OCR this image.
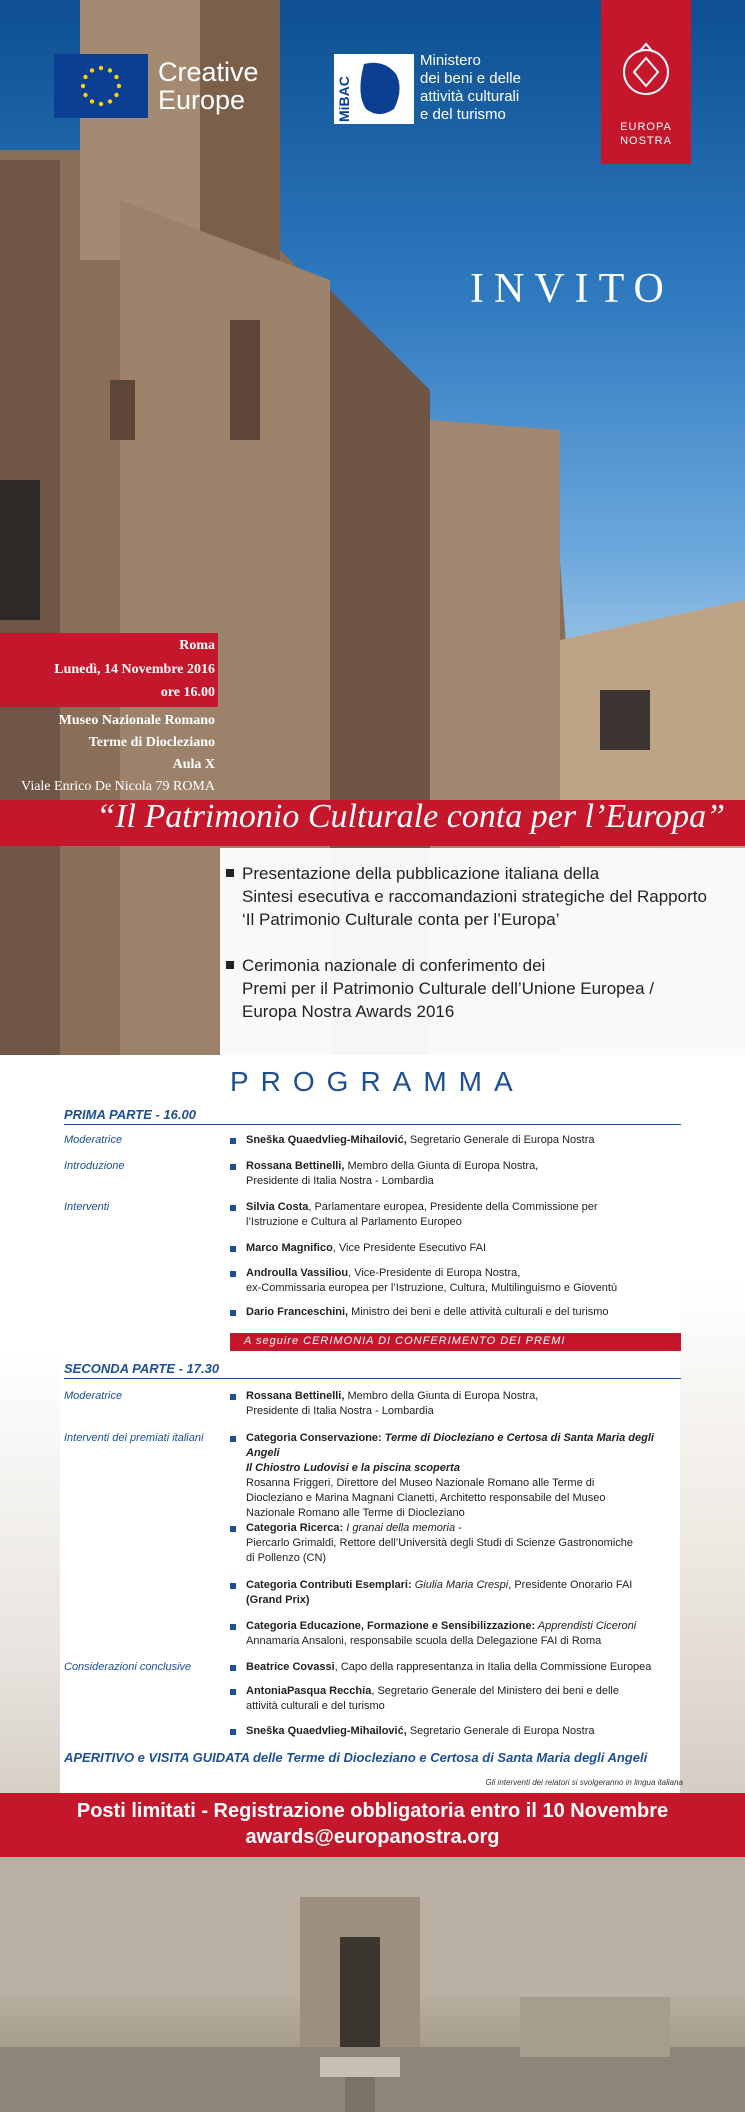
Creative
Europe	MiBAC
Ministero
dei beni e delle
attività culturali
e del turismo
EUROPA
NOSTRA
INVITO
Roma
Lunedì, 14 Novembre 2016
ore 16.00
Museo Nazionale Romano
Terme di Diocleziano
Aula X
Viale Enrico De Nicola 79 ROMA
“Il Patrimonio Culturale conta per l’Europa”
Presentazione della pubblicazione italiana della
Sintesi esecutiva e raccomandazioni strategiche del Rapporto
‘Il Patrimonio Culturale conta per l’Europa’
Cerimonia nazionale di conferimento dei
Premi per il Patrimonio Culturale dell’Unione Europea /
Europa Nostra Awards 2016
PROGRAMMA
PRIMA PARTE - 16.00
Moderatrice	Sneška Quaedvlieg-Mihailović, Segretario Generale di Europa Nostra
Introduzione	Rossana Bettinelli, Membro della Giunta di Europa Nostra,
Presidente di Italia Nostra - Lombardia
Interventi	Silvia Costa, Parlamentare europea, Presidente della Commissione per
l’Istruzione e Cultura al Parlamento Europeo
Marco Magnifico, Vice Presidente Esecutivo FAI
Androulla Vassiliou, Vice-Presidente di Europa Nostra,
ex-Commissaria europea per l’Istruzione, Cultura, Multilinguismo e Gioventù
Dario Franceschini, Ministro dei beni e delle attività culturali e del turismo
A seguire CERIMONIA DI CONFERIMENTO DEI PREMI
SECONDA PARTE - 17.30
Moderatrice	Rossana Bettinelli, Membro della Giunta di Europa Nostra,
Presidente di Italia Nostra - Lombardia
Interventi dei premiati italiani	Categoria Conservazione: Terme di Diocleziano e Certosa di Santa Maria degli Angeli
Il Chiostro Ludovisi e la piscina scoperta
Rosanna Friggeri, Direttore del Museo Nazionale Romano alle Terme di
Diocleziano e Marina Magnani Cianetti, Architetto responsabile del Museo
Nazionale Romano alle Terme di Diocleziano
Categoria Ricerca: I granai della memoria -
Piercarlo Grimaldi, Rettore dell’Università degli Studi di Scienze Gastronomiche
di Pollenzo (CN)
Categoria Contributi Esemplari: Giulia Maria Crespi, Presidente Onorario FAI
(Grand Prix)
Categoria Educazione, Formazione e Sensibilizzazione: Apprendisti Ciceroni
Annamaria Ansaloni, responsabile scuola della Delegazione FAI di Roma
Considerazioni conclusive	Beatrice Covassi, Capo della rappresentanza in Italia della Commissione Europea
AntoniaPasqua Recchia, Segretario Generale del Ministero dei beni e delle
attività culturali e del turismo
Sneška Quaedvlieg-Mihailović, Segretario Generale di Europa Nostra
APERITIVO e VISITA GUIDATA delle Terme di Diocleziano e Certosa di Santa Maria degli Angeli
Gli interventi dei relatori si svolgeranno in lingua italiana
Posti limitati - Registrazione obbligatoria entro il 10 Novembre
awards@europanostra.org
